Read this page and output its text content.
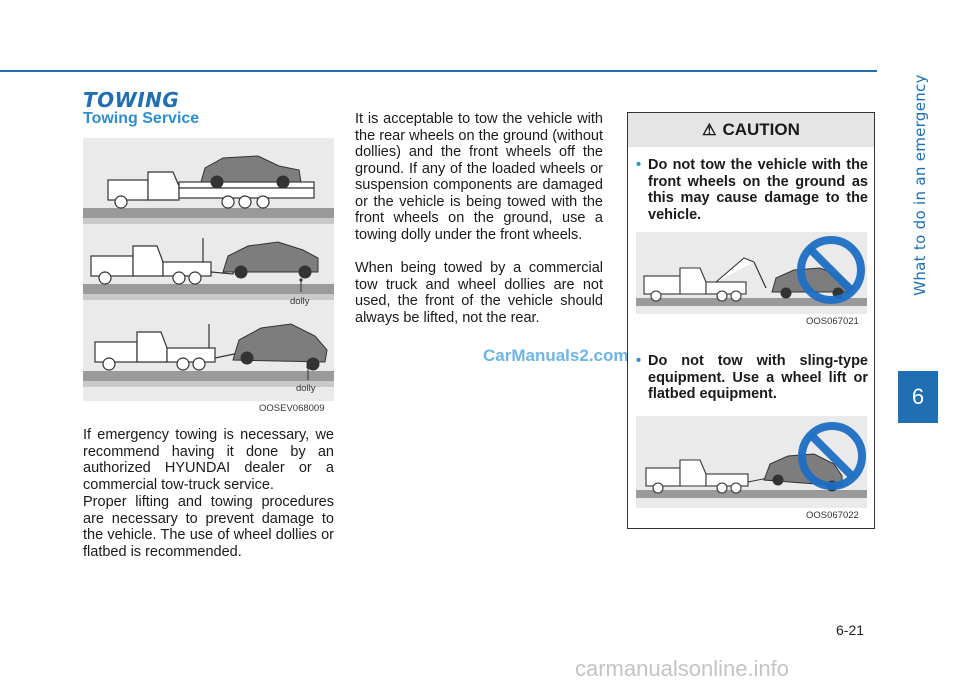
What to do in an emergency
6
TOWING
Towing Service
dolly
dolly
OOSEV068009

If emergency towing is necessary, we recommend having it done by an authorized HYUNDAI dealer or a commercial tow-truck service.

Proper lifting and towing procedures are necessary to prevent damage to the vehicle. The use of wheel dollies or flatbed is recommended.

It is acceptable to tow the vehicle with the rear wheels on the ground (without dollies) and the front wheels off the ground. If any of the loaded wheels or suspension components are damaged or the vehicle is being towed with the front wheels on the ground, use a towing dolly under the front wheels.

When being towed by a commercial tow truck and wheel dollies are not used, the front of the vehicle should always be lifted, not the rear.

CarManuals2.com
⚠ CAUTION
• Do not tow the vehicle with the front wheels on the ground as this may cause damage to the vehicle.
OOS067021
• Do not tow with sling-type equipment. Use a wheel lift or flatbed equipment.
OOS067022
6-21
carmanualsonline.info
